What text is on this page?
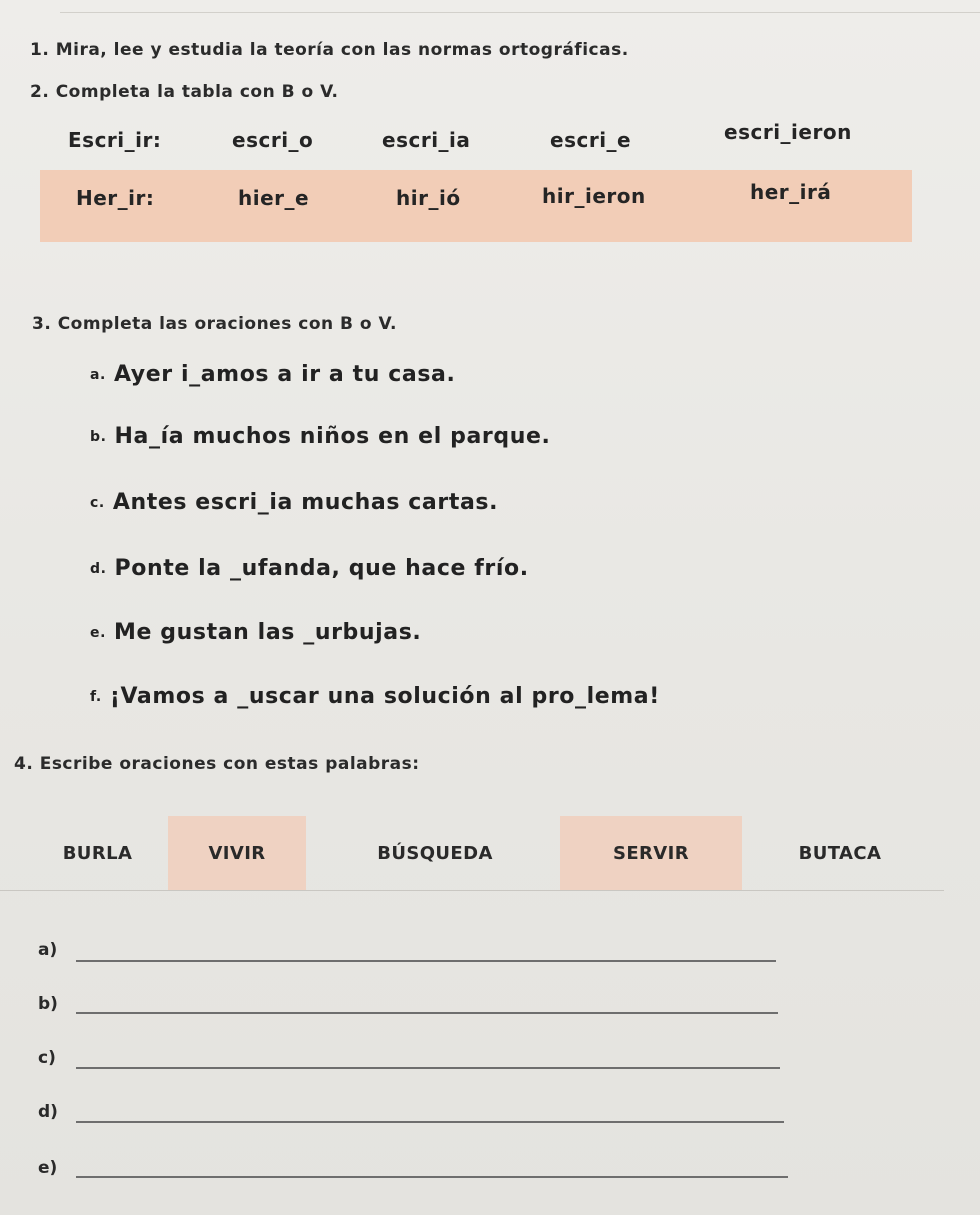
1. Mira, lee y estudia la teoría con las normas ortográficas.
2. Completa la tabla con B o V.
Escri_ir:	escri_o	escri_ia	escri_e	escri_ieron
Her_ir:	hier_e	hir_ió	hir_ieron	her_irá
3. Completa las oraciones con B o V.
a. Ayer i_amos a ir a tu casa.
b. Ha_ía muchos niños en el parque.
c. Antes escri_ia muchas cartas.
d. Ponte la _ufanda, que hace frío.
e. Me gustan las _urbujas.
f. ¡Vamos a _uscar una solución al pro_lema!
4. Escribe oraciones con estas palabras:
BURLA	VIVIR	BÚSQUEDA	SERVIR	BUTACA
a)
b)
c)
d)
e)
